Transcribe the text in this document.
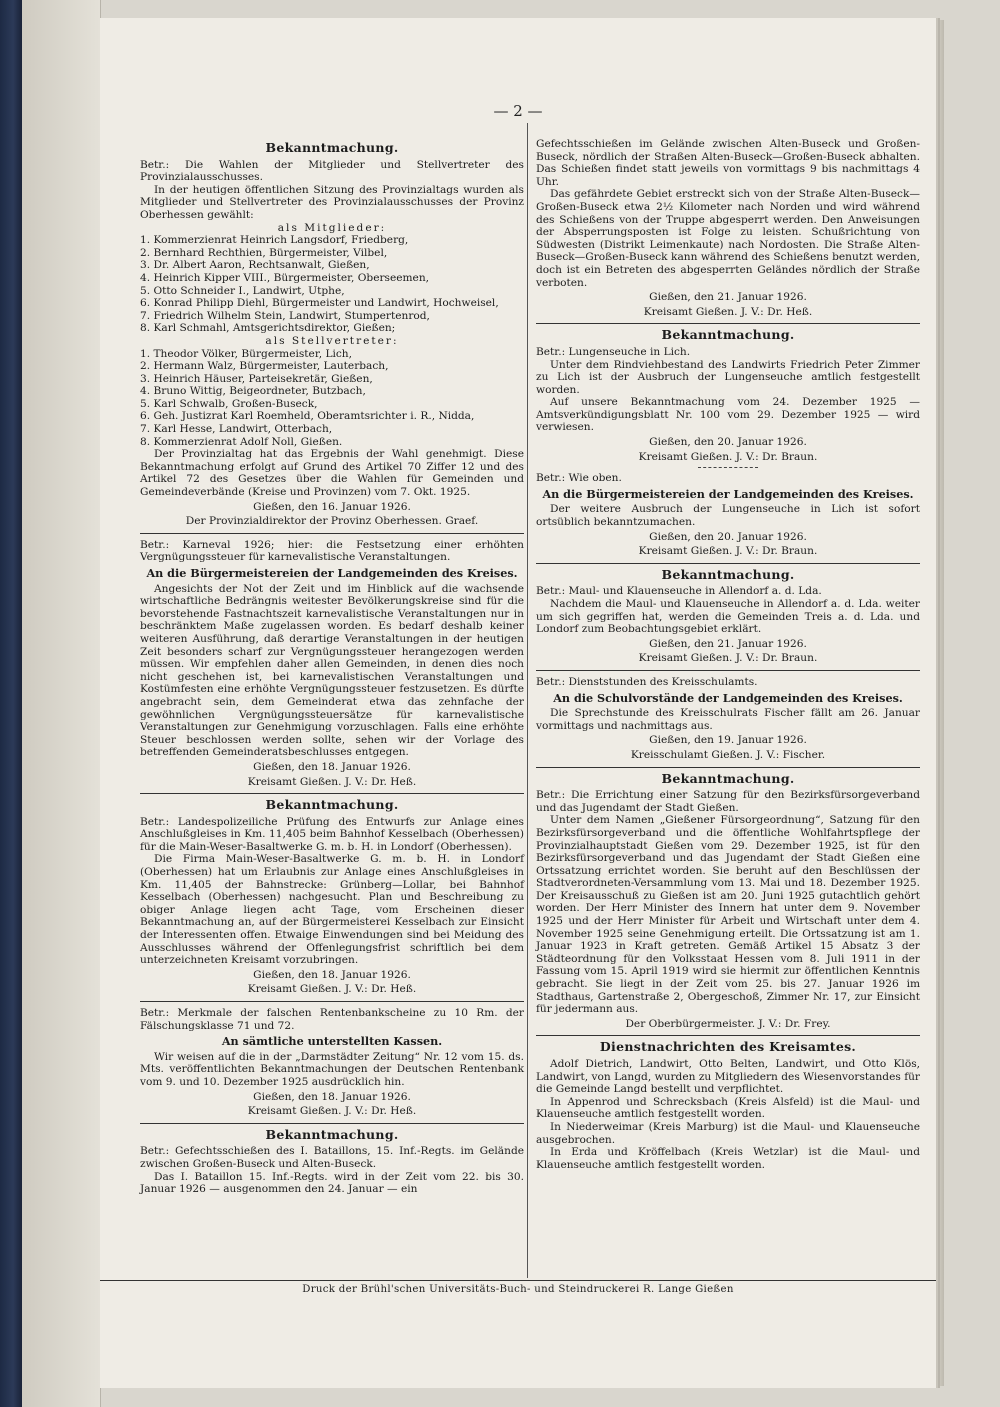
— 2 —
Bekanntmachung.

Betr.: Die Wahlen der Mitglieder und Stellvertreter des Provinzialausschusses.

In der heutigen öffentlichen Sitzung des Provinzialtags wurden als Mitglieder und Stellvertreter des Provinzialausschusses der Provinz Oberhessen gewählt:

als Mitglieder:
1. Kommerzienrat Heinrich Langsdorf, Friedberg,
2. Bernhard Rechthien, Bürgermeister, Vilbel,
3. Dr. Albert Aaron, Rechtsanwalt, Gießen,
4. Heinrich Kipper VIII., Bürgermeister, Oberseemen,
5. Otto Schneider I., Landwirt, Utphe,
6. Konrad Philipp Diehl, Bürgermeister und Landwirt, Hochweisel,
7. Friedrich Wilhelm Stein, Landwirt, Stumpertenrod,
8. Karl Schmahl, Amtsgerichtsdirektor, Gießen;
als Stellvertreter:
1. Theodor Völker, Bürgermeister, Lich,
2. Hermann Walz, Bürgermeister, Lauterbach,
3. Heinrich Häuser, Parteisekretär, Gießen,
4. Bruno Wittig, Beigeordneter, Butzbach,
5. Karl Schwalb, Großen-Buseck,
6. Geh. Justizrat Karl Roemheld, Oberamtsrichter i. R., Nidda,
7. Karl Hesse, Landwirt, Otterbach,
8. Kommerzienrat Adolf Noll, Gießen.

Der Provinzialtag hat das Ergebnis der Wahl genehmigt. Diese Bekanntmachung erfolgt auf Grund des Artikel 70 Ziffer 12 und des Artikel 72 des Gesetzes über die Wahlen für Gemeinden und Gemeindeverbände (Kreise und Provinzen) vom 7. Okt. 1925.

Gießen, den 16. Januar 1926.
Der Provinzialdirektor der Provinz Oberhessen. Graef.

Betr.: Karneval 1926; hier: die Festsetzung einer erhöhten Vergnügungssteuer für karnevalistische Veranstaltungen.

An die Bürgermeistereien der Landgemeinden des Kreises.

Angesichts der Not der Zeit und im Hinblick auf die wachsende wirtschaftliche Bedrängnis weitester Bevölkerungskreise sind für die bevorstehende Fastnachtszeit karnevalistische Veranstaltungen nur in beschränktem Maße zugelassen worden. Es bedarf deshalb keiner weiteren Ausführung, daß derartige Veranstaltungen in der heutigen Zeit besonders scharf zur Vergnügungssteuer herangezogen werden müssen. Wir empfehlen daher allen Gemeinden, in denen dies noch nicht geschehen ist, bei karnevalistischen Veranstaltungen und Kostümfesten eine erhöhte Vergnügungssteuer festzusetzen. Es dürfte angebracht sein, dem Gemeinderat etwa das zehnfache der gewöhnlichen Vergnügungssteuersätze für karnevalistische Veranstaltungen zur Genehmigung vorzuschlagen. Falls eine erhöhte Steuer beschlossen werden sollte, sehen wir der Vorlage des betreffenden Gemeinderatsbeschlusses entgegen.

Gießen, den 18. Januar 1926.
Kreisamt Gießen. J. V.: Dr. Heß.
Bekanntmachung.

Betr.: Landespolizeiliche Prüfung des Entwurfs zur Anlage eines Anschlußgleises in Km. 11,405 beim Bahnhof Kesselbach (Oberhessen) für die Main-Weser-Basaltwerke G. m. b. H. in Londorf (Oberhessen).

Die Firma Main-Weser-Basaltwerke G. m. b. H. in Londorf (Oberhessen) hat um Erlaubnis zur Anlage eines Anschlußgleises in Km. 11,405 der Bahnstrecke: Grünberg—Lollar, bei Bahnhof Kesselbach (Oberhessen) nachgesucht. Plan und Beschreibung zu obiger Anlage liegen acht Tage, vom Erscheinen dieser Bekanntmachung an, auf der Bürgermeisterei Kesselbach zur Einsicht der Interessenten offen. Etwaige Einwendungen sind bei Meidung des Ausschlusses während der Offenlegungsfrist schriftlich bei dem unterzeichneten Kreisamt vorzubringen.

Gießen, den 18. Januar 1926.
Kreisamt Gießen. J. V.: Dr. Heß.

Betr.: Merkmale der falschen Rentenbankscheine zu 10 Rm. der Fälschungsklasse 71 und 72.

An sämtliche unterstellten Kassen.

Wir weisen auf die in der „Darmstädter Zeitung“ Nr. 12 vom 15. ds. Mts. veröffentlichten Bekanntmachungen der Deutschen Rentenbank vom 9. und 10. Dezember 1925 ausdrücklich hin.

Gießen, den 18. Januar 1926.
Kreisamt Gießen. J. V.: Dr. Heß.
Bekanntmachung.

Betr.: Gefechtsschießen des I. Bataillons, 15. Inf.-Regts. im Gelände zwischen Großen-Buseck und Alten-Buseck.

Das I. Bataillon 15. Inf.-Regts. wird in der Zeit vom 22. bis 30. Januar 1926 — ausgenommen den 24. Januar — ein

Gefechtsschießen im Gelände zwischen Alten-Buseck und Großen-Buseck, nördlich der Straßen Alten-Buseck—Großen-Buseck abhalten. Das Schießen findet statt jeweils von vormittags 9 bis nachmittags 4 Uhr.

Das gefährdete Gebiet erstreckt sich von der Straße Alten-Buseck—Großen-Buseck etwa 2½ Kilometer nach Norden und wird während des Schießens von der Truppe abgesperrt werden. Den Anweisungen der Absperrungsposten ist Folge zu leisten. Schußrichtung von Südwesten (Distrikt Leimenkaute) nach Nordosten. Die Straße Alten-Buseck—Großen-Buseck kann während des Schießens benutzt werden, doch ist ein Betreten des abgesperrten Geländes nördlich der Straße verboten.

Gießen, den 21. Januar 1926.
Kreisamt Gießen. J. V.: Dr. Heß.
Bekanntmachung.

Betr.: Lungenseuche in Lich.

Unter dem Rindviehbestand des Landwirts Friedrich Peter Zimmer zu Lich ist der Ausbruch der Lungenseuche amtlich festgestellt worden.

Auf unsere Bekanntmachung vom 24. Dezember 1925 — Amtsverkündigungsblatt Nr. 100 vom 29. Dezember 1925 — wird verwiesen.

Gießen, den 20. Januar 1926.
Kreisamt Gießen. J. V.: Dr. Braun.

Betr.: Wie oben.

An die Bürgermeistereien der Landgemeinden des Kreises.

Der weitere Ausbruch der Lungenseuche in Lich ist sofort ortsüblich bekanntzumachen.

Gießen, den 20. Januar 1926.
Kreisamt Gießen. J. V.: Dr. Braun.
Bekanntmachung.

Betr.: Maul- und Klauenseuche in Allendorf a. d. Lda.

Nachdem die Maul- und Klauenseuche in Allendorf a. d. Lda. weiter um sich gegriffen hat, werden die Gemeinden Treis a. d. Lda. und Londorf zum Beobachtungsgebiet erklärt.

Gießen, den 21. Januar 1926.
Kreisamt Gießen. J. V.: Dr. Braun.

Betr.: Dienststunden des Kreisschulamts.

An die Schulvorstände der Landgemeinden des Kreises.

Die Sprechstunde des Kreisschulrats Fischer fällt am 26. Januar vormittags und nachmittags aus.

Gießen, den 19. Januar 1926.
Kreisschulamt Gießen. J. V.: Fischer.
Bekanntmachung.

Betr.: Die Errichtung einer Satzung für den Bezirksfürsorgeverband und das Jugendamt der Stadt Gießen.

Unter dem Namen „Gießener Fürsorgeordnung“, Satzung für den Bezirksfürsorgeverband und die öffentliche Wohlfahrtspflege der Provinzialhauptstadt Gießen vom 29. Dezember 1925, ist für den Bezirksfürsorgeverband und das Jugendamt der Stadt Gießen eine Ortssatzung errichtet worden. Sie beruht auf den Beschlüssen der Stadtverordneten-Versammlung vom 13. Mai und 18. Dezember 1925. Der Kreisausschuß zu Gießen ist am 20. Juni 1925 gutachtlich gehört worden. Der Herr Minister des Innern hat unter dem 9. November 1925 und der Herr Minister für Arbeit und Wirtschaft unter dem 4. November 1925 seine Genehmigung erteilt. Die Ortssatzung ist am 1. Januar 1923 in Kraft getreten. Gemäß Artikel 15 Absatz 3 der Städteordnung für den Volksstaat Hessen vom 8. Juli 1911 in der Fassung vom 15. April 1919 wird sie hiermit zur öffentlichen Kenntnis gebracht. Sie liegt in der Zeit vom 25. bis 27. Januar 1926 im Stadthaus, Gartenstraße 2, Obergeschoß, Zimmer Nr. 17, zur Einsicht für jedermann aus.

Der Oberbürgermeister. J. V.: Dr. Frey.
Dienstnachrichten des Kreisamtes.

Adolf Dietrich, Landwirt, Otto Belten, Landwirt, und Otto Klös, Landwirt, von Langd, wurden zu Mitgliedern des Wiesenvorstandes für die Gemeinde Langd bestellt und verpflichtet.

In Appenrod und Schrecksbach (Kreis Alsfeld) ist die Maul- und Klauenseuche amtlich festgestellt worden.

In Niederweimar (Kreis Marburg) ist die Maul- und Klauenseuche ausgebrochen.

In Erda und Kröffelbach (Kreis Wetzlar) ist die Maul- und Klauenseuche amtlich festgestellt worden.

Druck der Brühl'schen Universitäts-Buch- und Steindruckerei R. Lange Gießen
